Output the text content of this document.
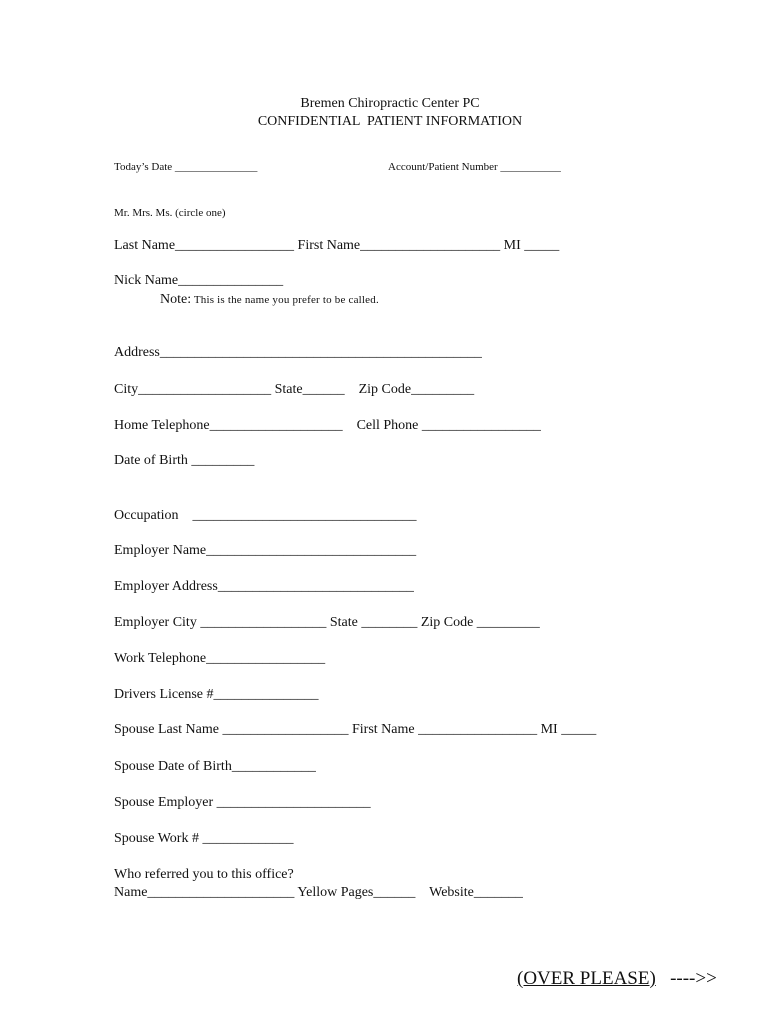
Bremen Chiropractic Center PC
CONFIDENTIAL  PATIENT INFORMATION
Today’s Date _______________	Account/Patient Number ___________
Mr. Mrs. Ms. (circle one)
Last Name_________________ First Name____________________ MI _____
Nick Name_______________
Note: This is the name you prefer to be called.
Address______________________________________________
City___________________ State______    Zip Code_________
Home Telephone___________________    Cell Phone _________________
Date of Birth _________
Occupation    ________________________________
Employer Name______________________________
Employer Address____________________________
Employer City __________________ State ________ Zip Code _________
Work Telephone_________________
Drivers License #_______________
Spouse Last Name __________________ First Name _________________ MI _____
Spouse Date of Birth____________
Spouse Employer ______________________
Spouse Work # _____________
Who referred you to this office?
Name_____________________ Yellow Pages______    Website_______
(OVER PLEASE) ---->>
